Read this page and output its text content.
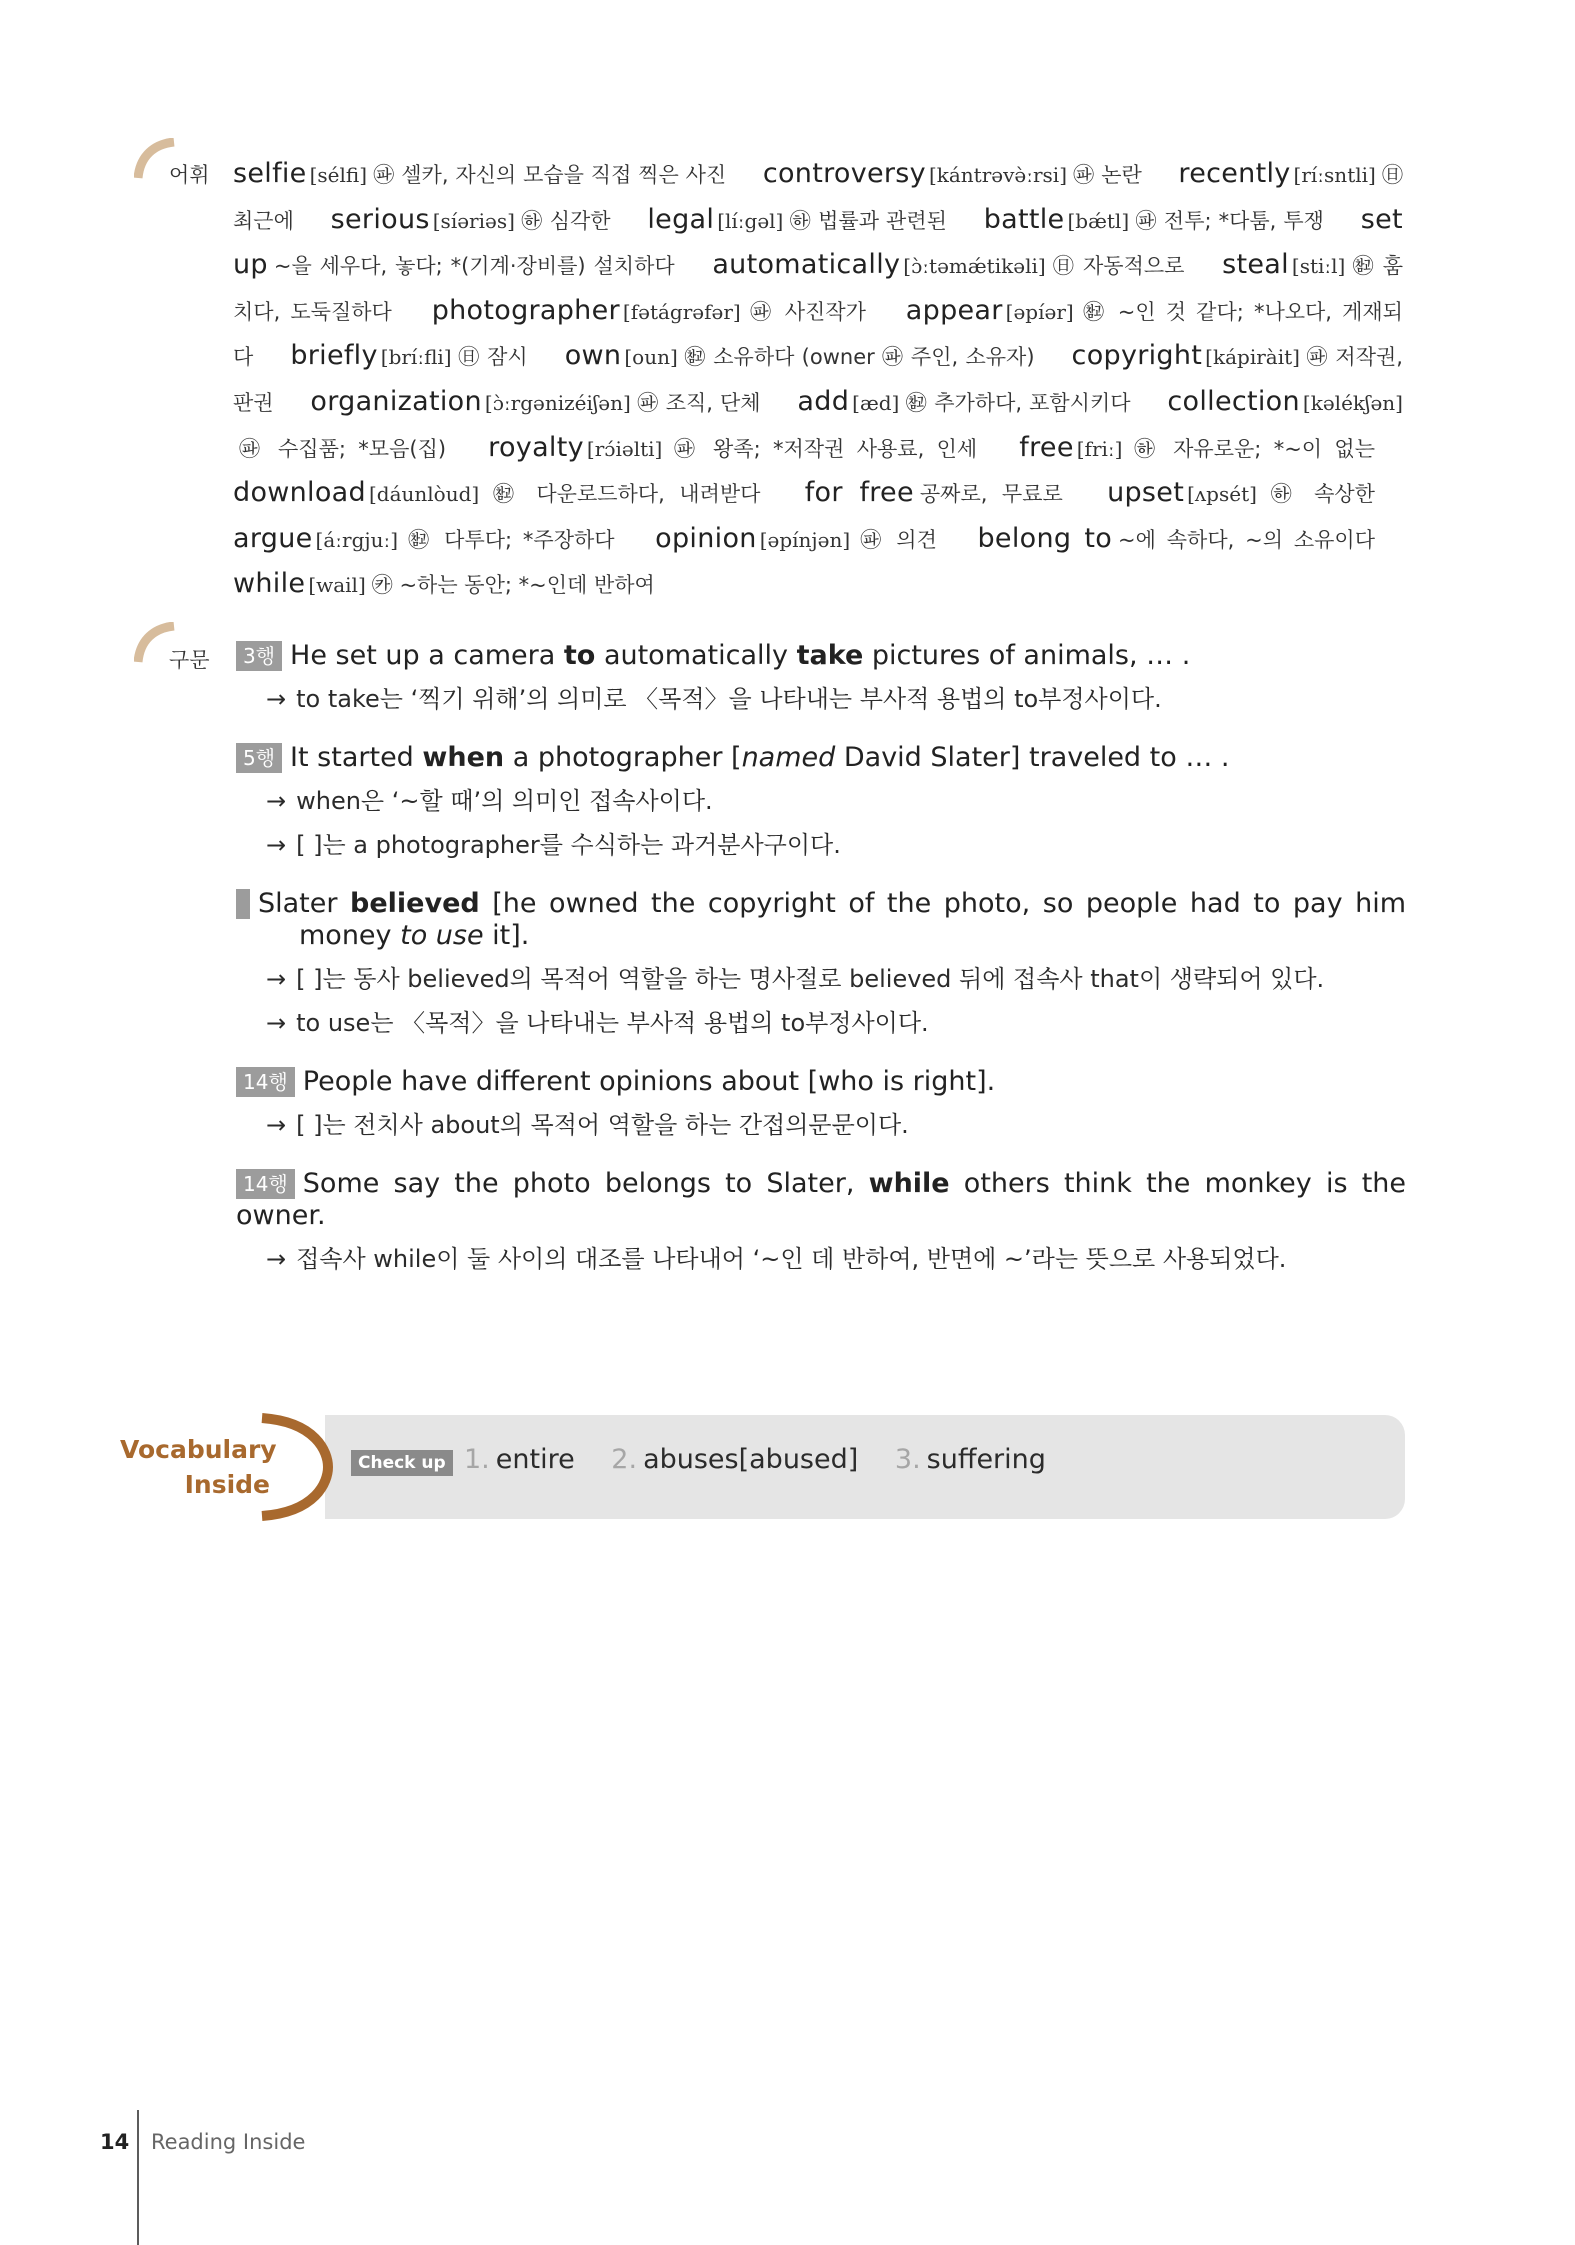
어휘 selfie [sélfi] ㉺ 셀카, 자신의 모습을 직접 찍은 사진 controversy [kántrəvə̀ːrsi] ㉺ 논란 recently [ríːsntli] ㊐ 최근에 serious [síəriəs] ㉻ 심각한 legal [líːgəl] ㉻ 법률과 관련된 battle [bǽtl] ㉺ 전투; *다툼, 투쟁 set up ~을 세우다, 놓다; *(기계·장비를) 설치하다 automatically [ɔ̀ːtəmǽtikəli] ㊐ 자동적으로 steal [stiːl] ㉼ 훔치다, 도둑질하다 photographer [fətágrəfər] ㉺ 사진작가 appear [əpíər] ㉼ ~인 것 같다; *나오다, 게재되다 briefly [bríːfli] ㊐ 잠시 own [oun] ㉼ 소유하다 (owner ㉺ 주인, 소유자) copyright [kápiràit] ㉺ 저작권, 판권 organization [ɔ̀ːrgənizéiʃən] ㉺ 조직, 단체 add [æd] ㉼ 추가하다, 포함시키다 collection [kəlékʃən]㉺ 수집품; *모음(집) royalty [rɔ́iəlti] ㉺ 왕족; *저작권 사용료, 인세 free [friː] ㉻ 자유로운; *~이 없는 download [dáunlòud] ㉼ 다운로드하다, 내려받다 for free 공짜로, 무료로 upset [ʌpsét] ㉻ 속상한 argue [áːrgjuː] ㉼ 다투다; *주장하다 opinion [əpínjən] ㉺ 의견 belong to ~에 속하다, ~의 소유이다 while [wail] ㉸ ~하는 동안; *~인데 반하여
구문	3행 He set up a camera to automatically take pictures of animals, … .
→ to take는 ‘찍기 위해’의 의미로 〈목적〉을 나타내는 부사적 용법의 to부정사이다.
5행 It started when a photographer [named David Slater] traveled to … .
→ when은 ‘~할 때’의 의미인 접속사이다.
→ [ ]는 a photographer를 수식하는 과거분사구이다.
8행 Slater believed [he owned the copyright of the photo, so people had to pay him money to use it].
→ [ ]는 동사 believed의 목적어 역할을 하는 명사절로 believed 뒤에 접속사 that이 생략되어 있다.
→ to use는 〈목적〉을 나타내는 부사적 용법의 to부정사이다.
14행 People have different opinions about [who is right].
→ [ ]는 전치사 about의 목적어 역할을 하는 간접의문문이다.
14행 Some say the photo belongs to Slater, while others think the monkey is the owner.
→ 접속사 while이 둘 사이의 대조를 나타내어 ‘~인 데 반하여, 반면에 ~’라는 뜻으로 사용되었다.
Vocabulary
Inside
Check up 1. entire 2. abuses[abused] 3. suffering
14 Reading Inside
